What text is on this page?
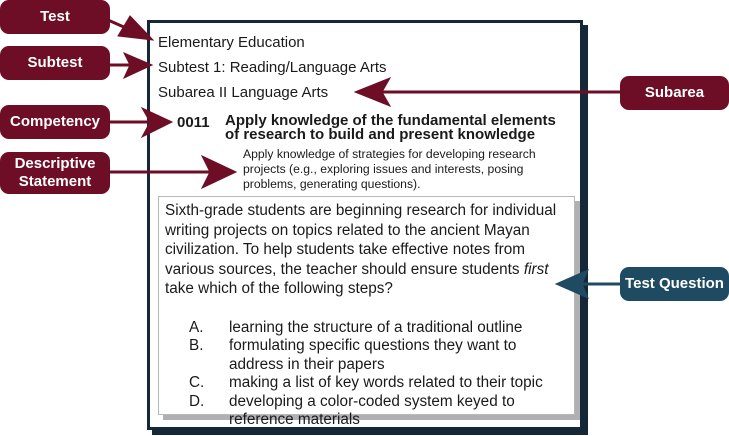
Elementary Education
Subtest 1: Reading/Language Arts
Subarea II Language Arts
0011 Apply knowledge of the fundamental elements
of research to build and present knowledge
Apply knowledge of strategies for developing research
projects (e.g., exploring issues and interests, posing
problems, generating questions).
Sixth-grade students are beginning research for individual writing projects on topics related to the ancient Mayan civilization. To help students take effective notes from various sources, the teacher should ensure students first take which of the following steps?
A.	learning the structure of a traditional outline
B.	formulating specific questions they want to address in their papers
C.	making a list of key words related to their topic
D.	developing a color-coded system keyed to reference materials
Test
Subtest
Competency
Descriptive Statement
Subarea
Test Question
